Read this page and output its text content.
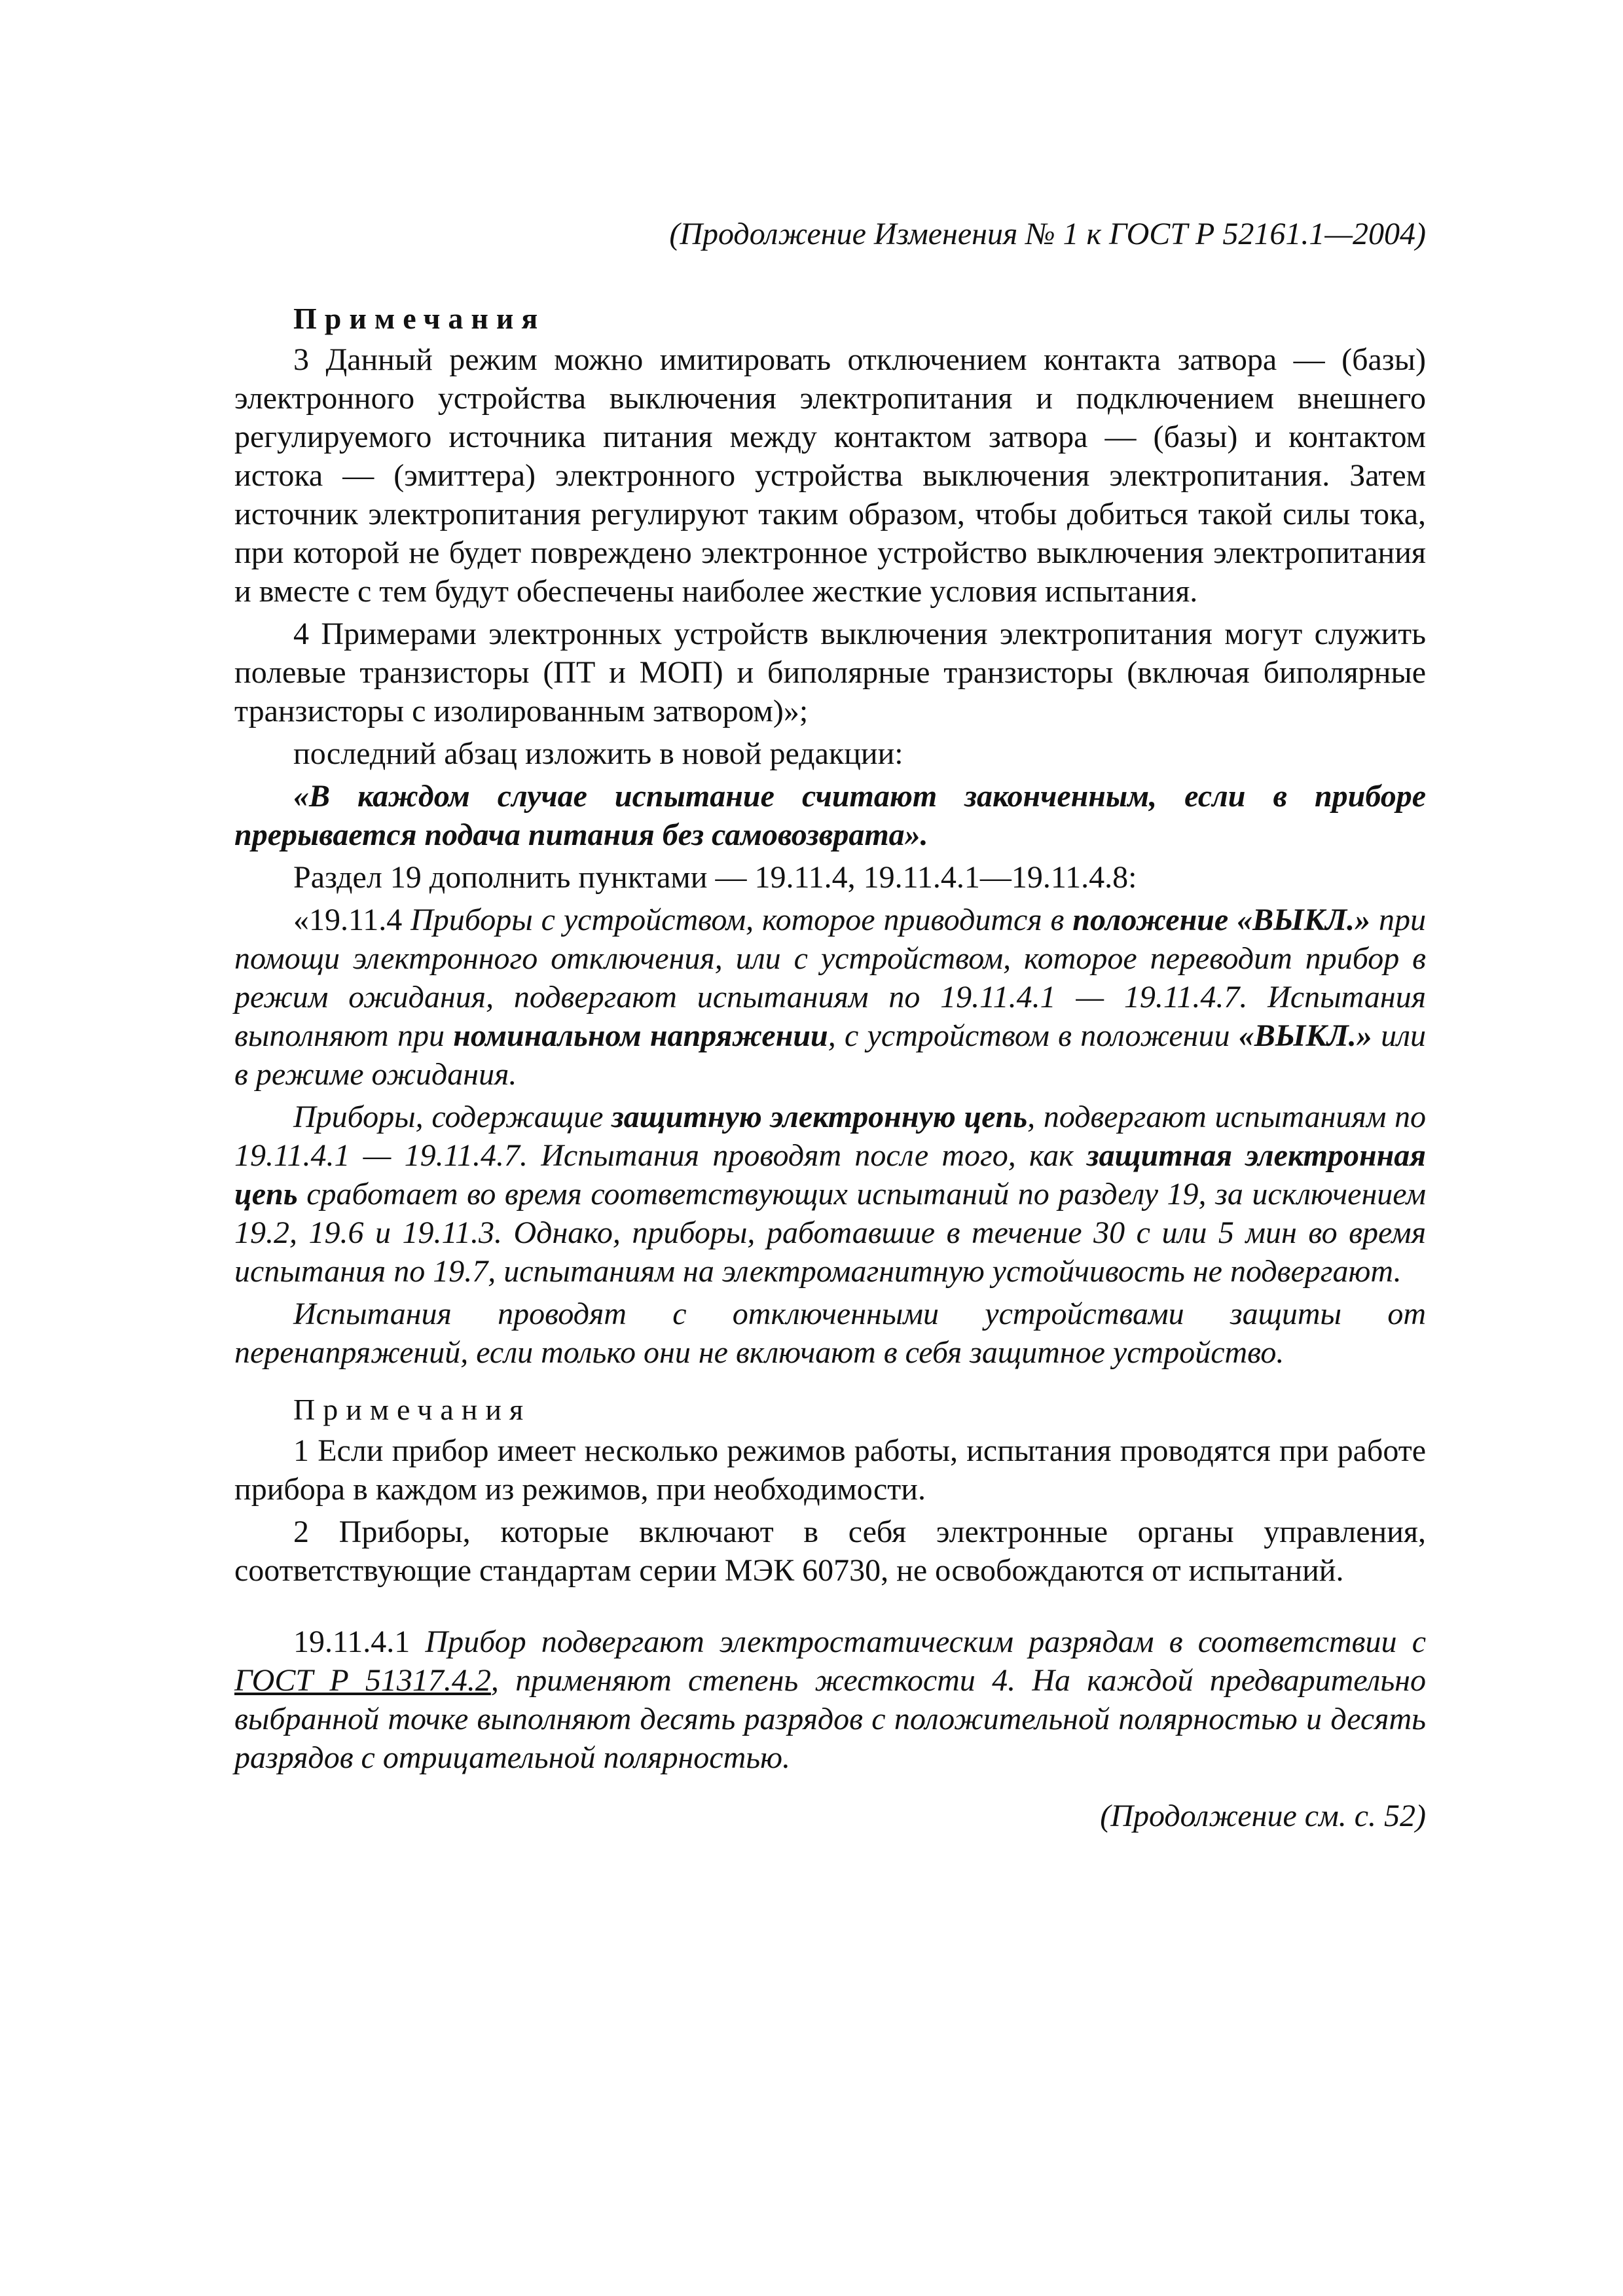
(Продолжение Изменения № 1 к ГОСТ Р 52161.1—2004)
Примечания

3 Данный режим можно имитировать отключением контакта затвора — (базы) электронного устройства выключения электропитания и подключением внешнего регулируемого источника питания между контактом затвора — (базы) и контактом истока — (эмиттера) электронного устройства выключения электропитания. Затем источник электропитания регулируют таким образом, чтобы добиться такой силы тока, при которой не будет повреждено электронное устройство выключения электропитания и вместе с тем будут обеспечены наиболее жесткие условия испытания.

4 Примерами электронных устройств выключения электропитания могут служить полевые транзисторы (ПТ и МОП) и биполярные транзисторы (включая биполярные транзисторы с изолированным затвором)»;

последний абзац изложить в новой редакции:

«В каждом случае испытание считают законченным, если в приборе прерывается подача питания без самовозврата».

Раздел 19 дополнить пунктами — 19.11.4, 19.11.4.1—19.11.4.8:

«19.11.4 Приборы с устройством, которое приводится в положение «ВЫКЛ.» при помощи электронного отключения, или с устройством, которое переводит прибор в режим ожидания, подвергают испытаниям по 19.11.4.1 — 19.11.4.7. Испытания выполняют при номинальном напряжении, с устройством в положении «ВЫКЛ.» или в режиме ожидания.

Приборы, содержащие защитную электронную цепь, подвергают испытаниям по 19.11.4.1 — 19.11.4.7. Испытания проводят после того, как защитная электронная цепь сработает во время соответствующих испытаний по разделу 19, за исключением 19.2, 19.6 и 19.11.3. Однако, приборы, работавшие в течение 30 с или 5 мин во время испытания по 19.7, испытаниям на электромагнитную устойчивость не подвергают.

Испытания проводят с отключенными устройствами защиты от перенапряжений, если только они не включают в себя защитное устройство.

Примечания

1 Если прибор имеет несколько режимов работы, испытания проводятся при работе прибора в каждом из режимов, при необходимости.

2 Приборы, которые включают в себя электронные органы управления, соответствующие стандартам серии МЭК 60730, не освобождаются от испытаний.

19.11.4.1 Прибор подвергают электростатическим разрядам в соответствии с ГОСТ Р 51317.4.2, применяют степень жесткости 4. На каждой предварительно выбранной точке выполняют десять разрядов с положительной полярностью и десять разрядов с отрицательной полярностью.

(Продолжение см. с. 52)
